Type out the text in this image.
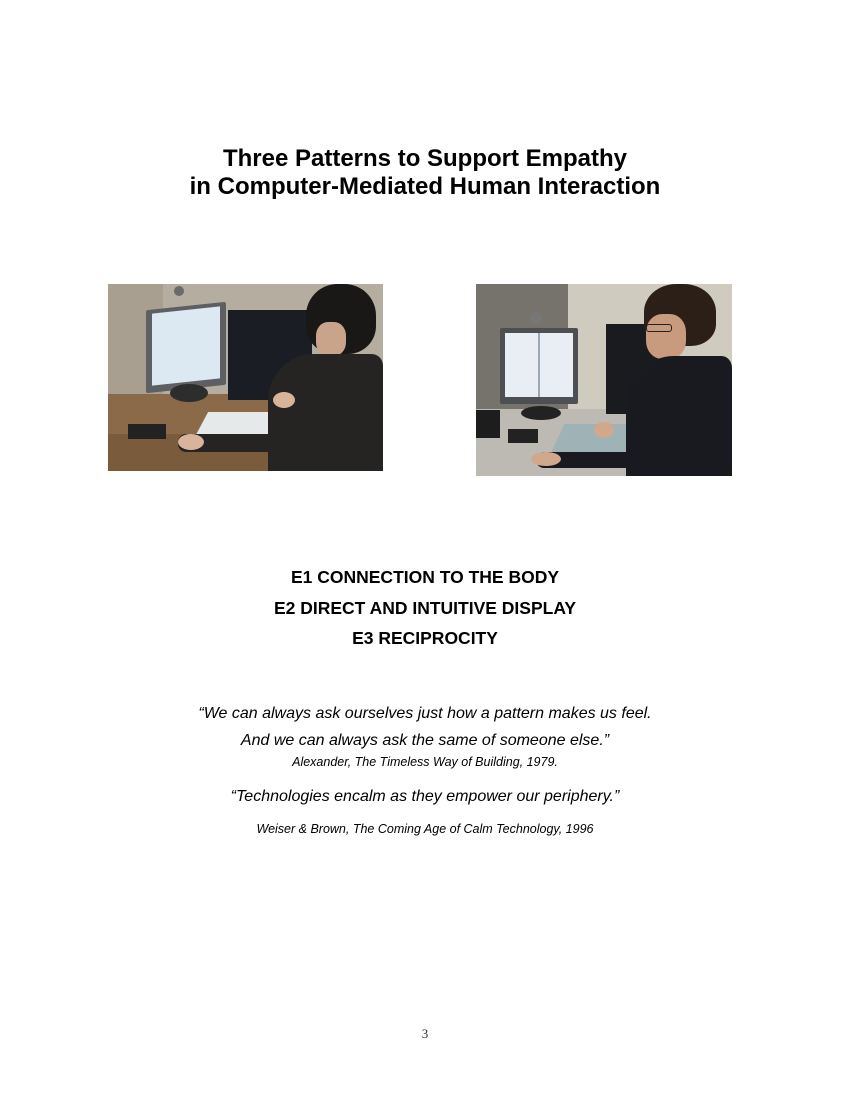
Three Patterns to Support Empathy
in Computer-Mediated Human Interaction
E1 CONNECTION TO THE BODY
E2 DIRECT AND INTUITIVE DISPLAY
E3 RECIPROCITY
“We can always ask ourselves just how a pattern makes us feel.
And we can always ask the same of someone else.”
Alexander, The Timeless Way of Building, 1979.
“Technologies encalm as they empower our periphery.”
Weiser & Brown, The Coming Age of Calm Technology, 1996
3
